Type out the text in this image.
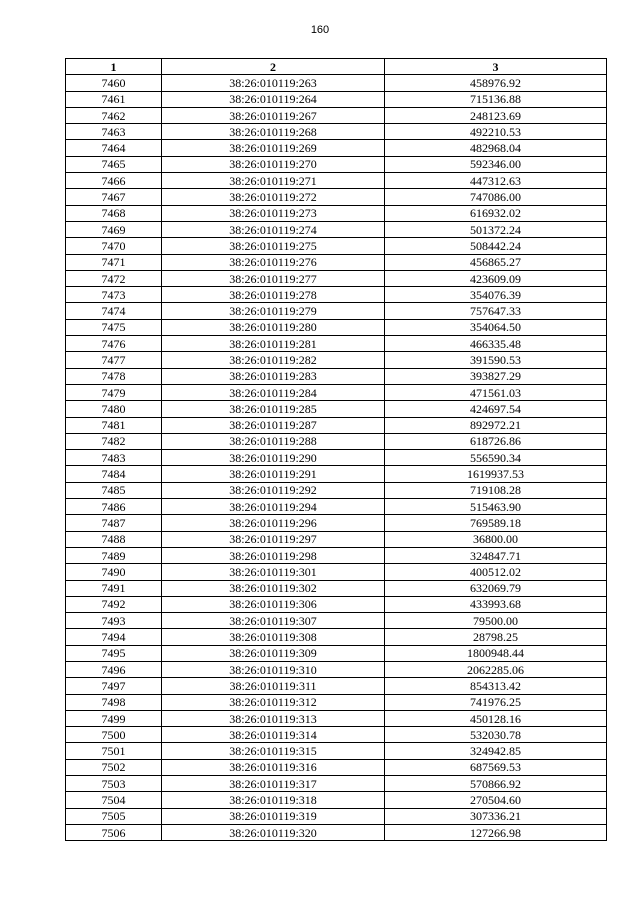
160
1	2	3
7460	38:26:010119:263	458976.92
7461	38:26:010119:264	715136.88
7462	38:26:010119:267	248123.69
7463	38:26:010119:268	492210.53
7464	38:26:010119:269	482968.04
7465	38:26:010119:270	592346.00
7466	38:26:010119:271	447312.63
7467	38:26:010119:272	747086.00
7468	38:26:010119:273	616932.02
7469	38:26:010119:274	501372.24
7470	38:26:010119:275	508442.24
7471	38:26:010119:276	456865.27
7472	38:26:010119:277	423609.09
7473	38:26:010119:278	354076.39
7474	38:26:010119:279	757647.33
7475	38:26:010119:280	354064.50
7476	38:26:010119:281	466335.48
7477	38:26:010119:282	391590.53
7478	38:26:010119:283	393827.29
7479	38:26:010119:284	471561.03
7480	38:26:010119:285	424697.54
7481	38:26:010119:287	892972.21
7482	38:26:010119:288	618726.86
7483	38:26:010119:290	556590.34
7484	38:26:010119:291	1619937.53
7485	38:26:010119:292	719108.28
7486	38:26:010119:294	515463.90
7487	38:26:010119:296	769589.18
7488	38:26:010119:297	36800.00
7489	38:26:010119:298	324847.71
7490	38:26:010119:301	400512.02
7491	38:26:010119:302	632069.79
7492	38:26:010119:306	433993.68
7493	38:26:010119:307	79500.00
7494	38:26:010119:308	28798.25
7495	38:26:010119:309	1800948.44
7496	38:26:010119:310	2062285.06
7497	38:26:010119:311	854313.42
7498	38:26:010119:312	741976.25
7499	38:26:010119:313	450128.16
7500	38:26:010119:314	532030.78
7501	38:26:010119:315	324942.85
7502	38:26:010119:316	687569.53
7503	38:26:010119:317	570866.92
7504	38:26:010119:318	270504.60
7505	38:26:010119:319	307336.21
7506	38:26:010119:320	127266.98
